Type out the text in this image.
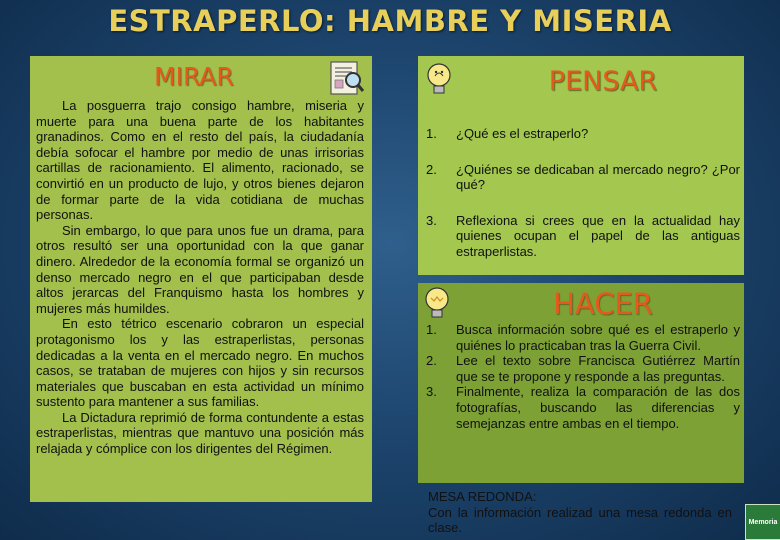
ESTRAPERLO: HAMBRE Y MISERIA
MIRAR

La posguerra trajo consigo hambre, miseria y muerte para una buena parte de los habitantes granadinos. Como en el resto del país, la ciudadanía debía sofocar el hambre por medio de unas irrisorias cartillas de racionamiento. El alimento, racionado, se convirtió en un producto de lujo, y otros bienes dejaron de formar parte de la vida cotidiana de muchas personas.

Sin embargo, lo que para unos fue un drama, para otros resultó ser una oportunidad con la que ganar dinero. Alrededor de la economía formal se organizó un denso mercado negro en el que participaban desde altos jerarcas del Franquismo hasta los hombres y mujeres más humildes.

En esto tétrico escenario cobraron un especial protagonismo los y las estraperlistas, personas dedicadas a la venta en el mercado negro. En muchos casos, se trataban de mujeres con hijos y sin recursos materiales que buscaban en esta actividad un mínimo sustento para mantener a sus familias.

La Dictadura reprimió de forma contundente a estas estraperlistas, mientras que mantuvo una posición más relajada y cómplice con los dirigentes del Régimen.

PENSAR
1. ¿Qué es el estraperlo?
2. ¿Quiénes se dedicaban al mercado negro? ¿Por qué?
3. Reflexiona si crees que en la actualidad hay quienes ocupan el papel de las antiguas estraperlistas.
HACER
1. Busca información sobre qué es el estraperlo y quiénes lo practicaban tras la Guerra Civil.
2. Lee el texto sobre Francisca Gutiérrez Martín que se te propone y responde a las preguntas.
3. Finalmente, realiza la comparación de las dos fotografías, buscando las diferencias y semejanzas entre ambas en el tiempo.
MESA REDONDA:
Con la información realizad una mesa redonda en clase.	Memoria
